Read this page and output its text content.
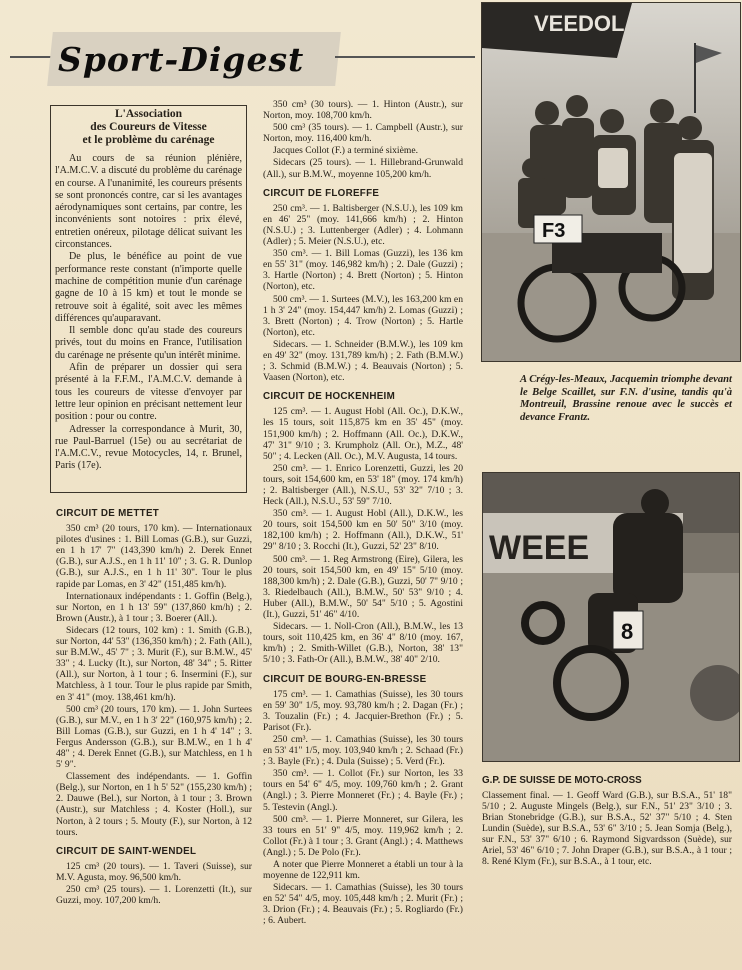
Sport-Digest
L'Association
des Coureurs de Vitesse
et le problème du carénage

Au cours de sa réunion plénière, l'A.M.C.V. a discuté du problème du carénage en course. A l'unanimité, les coureurs présents se sont prononcés contre, car si les avantages aérodynamiques sont certains, par contre, les inconvénients sont notoires : prix élevé, entretien onéreux, pilotage délicat suivant les circonstances.

De plus, le bénéfice au point de vue performance reste constant (n'importe quelle machine de compétition munie d'un carénage gagne de 10 à 15 km) et tout le monde se retrouve soit à égalité, soit avec les mêmes différences qu'auparavant.

Il semble donc qu'au stade des coureurs privés, tout du moins en France, l'utilisation du carénage ne présente qu'un intérêt minime.

Afin de préparer un dossier qui sera présenté à la F.F.M., l'A.M.C.V. demande à tous les coureurs de vitesse d'envoyer par lettre leur opinion en précisant nettement leur position : pour ou contre.

Adresser la correspondance à Murit, 30, rue Paul-Barruel (15e) ou au secrétariat de l'A.M.C.V., revue Motocycles, 14, r. Brunel, Paris (17e).

CIRCUIT DE METTET

350 cm³ (20 tours, 170 km). — Internationaux pilotes d'usines : 1. Bill Lomas (G.B.), sur Guzzi, en 1 h 17' 7" (143,390 km/h) 2. Derek Ennet (G.B.), sur A.J.S., en 1 h 11' 10" ; 3. G. R. Dunlop (G.B.), sur A.J.S., en 1 h 11' 30". Tour le plus rapide par Lomas, en 3' 42" (151,485 km/h).

Internationaux indépendants : 1. Goffin (Belg.), sur Norton, en 1 h 13' 59" (137,860 km/h) ; 2. Brown (Austr.), à 1 tour ; 3. Boerer (All.).

Sidecars (12 tours, 102 km) : 1. Smith (G.B.), sur Norton, 44' 53" (136,350 km/h) ; 2. Fath (All.), sur B.M.W., 45' 7" ; 3. Murit (F.), sur B.M.W., 45' 33" ; 4. Lucky (It.), sur Norton, 48' 34" ; 5. Ritter (All.), sur Norton, à 1 tour ; 6. Insermini (F.), sur Matchless, à 1 tour. Tour le plus rapide par Smith, en 3' 41" (moy. 138,461 km/h).

500 cm³ (20 tours, 170 km). — 1. John Surtees (G.B.), sur M.V., en 1 h 3' 22" (160,975 km/h) ; 2. Bill Lomas (G.B.), sur Guzzi, en 1 h 4' 14" ; 3. Fergus Andersson (G.B.), sur B.M.W., en 1 h 4' 48" ; 4. Derek Ennet (G.B.), sur Matchless, en 1 h 5' 9".

Classement des indépendants. — 1. Goffin (Belg.), sur Norton, en 1 h 5' 52" (155,230 km/h) ; 2. Dauwe (Bel.), sur Norton, à 1 tour ; 3. Brown (Austr.), sur Matchless ; 4. Koster (Holl.), sur Norton, à 2 tours ; 5. Mouty (F.), sur Norton, à 12 tours.

CIRCUIT DE SAINT-WENDEL

125 cm³ (20 tours). — 1. Taveri (Suisse), sur M.V. Agusta, moy. 96,500 km/h.

250 cm³ (25 tours). — 1. Lorenzetti (It.), sur Guzzi, moy. 107,200 km/h.

350 cm³ (30 tours). — 1. Hinton (Austr.), sur Norton, moy. 108,700 km/h.

500 cm³ (35 tours). — 1. Campbell (Austr.), sur Norton, moy. 116,400 km/h.

Jacques Collot (F.) a terminé sixième.

Sidecars (25 tours). — 1. Hillebrand-Grunwald (All.), sur B.M.W., moyenne 105,200 km/h.

CIRCUIT DE FLOREFFE

250 cm³. — 1. Baltisberger (N.S.U.), les 109 km en 46' 25" (moy. 141,666 km/h) ; 2. Hinton (N.S.U.) ; 3. Luttenberger (Adler) ; 4. Lohmann (Adler) ; 5. Meier (N.S.U.), etc.

350 cm³. — 1. Bill Lomas (Guzzi), les 136 km en 55' 31" (moy. 146,982 km/h) ; 2. Dale (Guzzi) ; 3. Hartle (Norton) ; 4. Brett (Norton) ; 5. Hinton (Norton), etc.

500 cm³. — 1. Surtees (M.V.), les 163,200 km en 1 h 3' 24" (moy. 154,447 km/h) 2. Lomas (Guzzi) ; 3. Brett (Norton) ; 4. Trow (Norton) ; 5. Hartle (Norton), etc.

Sidecars. — 1. Schneider (B.M.W.), les 109 km en 49' 32" (moy. 131,789 km/h) ; 2. Fath (B.M.W.) ; 3. Schmid (B.M.W.) ; 4. Beauvais (Norton) ; 5. Vaasen (Norton), etc.

CIRCUIT DE HOCKENHEIM

125 cm³. — 1. August Hobl (All. Oc.), D.K.W., les 15 tours, soit 115,875 km en 35' 45" (moy. 151,900 km/h) ; 2. Hoffmann (All. Oc.), D.K.W., 47' 31" 9/10 ; 3. Krumpholz (All. Or.), M.Z., 48' 50" ; 4. Lecken (All. Oc.), M.V. Augusta, 14 tours.

250 cm³. — 1. Enrico Lorenzetti, Guzzi, les 20 tours, soit 154,600 km, en 53' 18" (moy. 174 km/h) ; 2. Baltisberger (All.), N.S.U., 53' 32" 7/10 ; 3. Heck (All.), N.S.U., 53' 59" 7/10.

350 cm³. — 1. August Hobl (All.), D.K.W., les 20 tours, soit 154,500 km en 50' 50" 3/10 (moy. 182,100 km/h) ; 2. Hoffmann (All.), D.K.W., 51' 29" 8/10 ; 3. Rocchi (It.), Guzzi, 52' 23" 8/10.

500 cm³. — 1. Reg Armstrong (Eire), Gilera, les 20 tours, soit 154,500 km, en 49' 15" 5/10 (moy. 188,300 km/h) ; 2. Dale (G.B.), Guzzi, 50' 7" 9/10 ; 3. Riedelbauch (All.), B.M.W., 50' 53" 9/10 ; 4. Huber (All.), B.M.W., 50' 54" 5/10 ; 5. Agostini (It.), Guzzi, 51' 46" 4/10.

Sidecars. — 1. Noll-Cron (All.), B.M.W., les 13 tours, soit 110,425 km, en 36' 4" 8/10 (moy. 167, km/h) ; 2. Smith-Willet (G.B.), Norton, 38' 13" 5/10 ; 3. Fath-Or (All.), B.M.W., 38' 40" 2/10.

CIRCUIT DE BOURG-EN-BRESSE

175 cm³. — 1. Camathias (Suisse), les 30 tours en 59' 30" 1/5, moy. 93,780 km/h ; 2. Dagan (Fr.) ; 3. Touzalin (Fr.) ; 4. Jacquier-Brethon (Fr.) ; 5. Parisot (Fr.).

250 cm³. — 1. Camathias (Suisse), les 30 tours en 53' 41" 1/5, moy. 103,940 km/h ; 2. Schaad (Fr.) ; 3. Bayle (Fr.) ; 4. Dula (Suisse) ; 5. Verd (Fr.).

350 cm³. — 1. Collot (Fr.) sur Norton, les 33 tours en 54' 6" 4/5, moy. 109,760 km/h ; 2. Grant (Angl.) ; 3. Pierre Monneret (Fr.) ; 4. Bayle (Fr.) ; 5. Testevin (Angl.).

500 cm³. — 1. Pierre Monneret, sur Gilera, les 33 tours en 51' 9" 4/5, moy. 119,962 km/h ; 2. Collot (Fr.) à 1 tour ; 3. Grant (Angl.) ; 4. Matthews (Angl.) ; 5. De Polo (Fr.).

A noter que Pierre Monneret a établi un tour à la moyenne de 122,911 km.

Sidecars. — 1. Camathias (Suisse), les 30 tours en 52' 54" 4/5, moy. 105,448 km/h ; 2. Murit (Fr.) ; 3. Drion (Fr.) ; 4. Beauvais (Fr.) ; 5. Rogliardo (Fr.) ; 6. Aubert.

VEEDOL
F3
A Crégy-les-Meaux, Jacquemin triomphe devant le Belge Scaillet, sur F.N. d'usine, tandis qu'à Montreuil, Brassine renoue avec le succès et devance Frantz.
WEEE
8
G.P. DE SUISSE DE MOTO-CROSS

Classement final. — 1. Geoff Ward (G.B.), sur B.S.A., 51' 18" 5/10 ; 2. Auguste Mingels (Belg.), sur F.N., 51' 23" 3/10 ; 3. Brian Stonebridge (G.B.), sur B.S.A., 52' 37" 5/10 ; 4. Sten Lundin (Suède), sur B.S.A., 53' 6" 3/10 ; 5. Jean Somja (Belg.), sur F.N., 53' 37" 6/10 ; 6. Raymond Sigvardsson (Suède), sur Ariel, 53' 46" 6/10 ; 7. John Draper (G.B.), sur B.S.A., à 1 tour ; 8. René Klym (Fr.), sur B.S.A., à 1 tour, etc.
